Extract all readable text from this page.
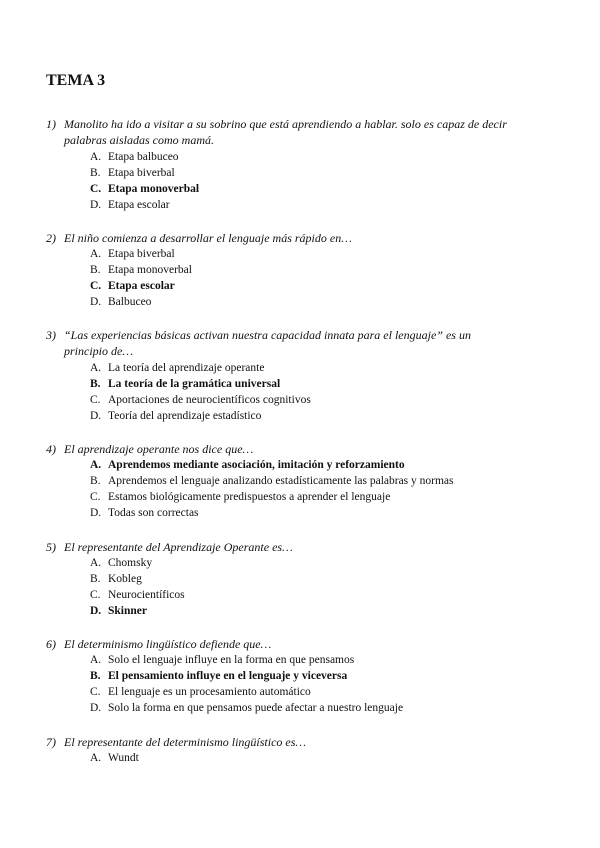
TEMA 3
1) Manolito ha ido a visitar a su sobrino que está aprendiendo a hablar. solo es capaz de decir
palabras aisladas como mamá.
A. Etapa balbuceo
B. Etapa biverbal
C. Etapa monoverbal
D. Etapa escolar
2) El niño comienza a desarrollar el lenguaje más rápido en…
A. Etapa biverbal
B. Etapa monoverbal
C. Etapa escolar
D. Balbuceo
3) “Las experiencias básicas activan nuestra capacidad innata para el lenguaje” es un
principio de…
A. La teoría del aprendizaje operante
B. La teoría de la gramática universal
C. Aportaciones de neurocientíficos cognitivos
D. Teoría del aprendizaje estadístico
4) El aprendizaje operante nos dice que…
A. Aprendemos mediante asociación, imitación y reforzamiento
B. Aprendemos el lenguaje analizando estadísticamente las palabras y normas
C. Estamos biológicamente predispuestos a aprender el lenguaje
D. Todas son correctas
5) El representante del Aprendizaje Operante es…
A. Chomsky
B. Kobleg
C. Neurocientíficos
D. Skinner
6) El determinismo lingüístico defiende que…
A. Solo el lenguaje influye en la forma en que pensamos
B. El pensamiento influye en el lenguaje y viceversa
C. El lenguaje es un procesamiento automático
D. Solo la forma en que pensamos puede afectar a nuestro lenguaje
7) El representante del determinismo lingüístico es…
A. Wundt
